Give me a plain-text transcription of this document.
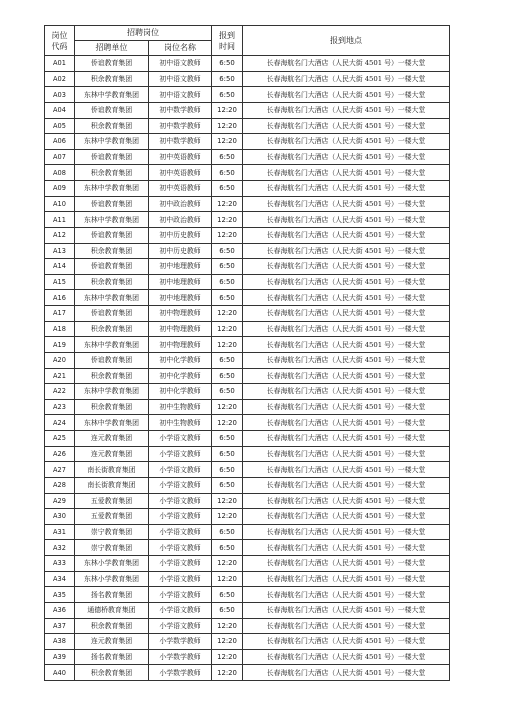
岗位
代码	招聘岗位		报到
时间	报到地点
	招聘单位	岗位名称		
A01	侨谊教育集团	初中语文教师	6:50	长春海航名门大酒店（人民大街 4501 号）一楼大堂
A02	积余教育集团	初中语文教师	6:50	长春海航名门大酒店（人民大街 4501 号）一楼大堂
A03	东林中学教育集团	初中语文教师	6:50	长春海航名门大酒店（人民大街 4501 号）一楼大堂
A04	侨谊教育集团	初中数学教师	12:20	长春海航名门大酒店（人民大街 4501 号）一楼大堂
A05	积余教育集团	初中数学教师	12:20	长春海航名门大酒店（人民大街 4501 号）一楼大堂
A06	东林中学教育集团	初中数学教师	12:20	长春海航名门大酒店（人民大街 4501 号）一楼大堂
A07	侨谊教育集团	初中英语教师	6:50	长春海航名门大酒店（人民大街 4501 号）一楼大堂
A08	积余教育集团	初中英语教师	6:50	长春海航名门大酒店（人民大街 4501 号）一楼大堂
A09	东林中学教育集团	初中英语教师	6:50	长春海航名门大酒店（人民大街 4501 号）一楼大堂
A10	侨谊教育集团	初中政治教师	12:20	长春海航名门大酒店（人民大街 4501 号）一楼大堂
A11	东林中学教育集团	初中政治教师	12:20	长春海航名门大酒店（人民大街 4501 号）一楼大堂
A12	侨谊教育集团	初中历史教师	12:20	长春海航名门大酒店（人民大街 4501 号）一楼大堂
A13	积余教育集团	初中历史教师	6:50	长春海航名门大酒店（人民大街 4501 号）一楼大堂
A14	侨谊教育集团	初中地理教师	6:50	长春海航名门大酒店（人民大街 4501 号）一楼大堂
A15	积余教育集团	初中地理教师	6:50	长春海航名门大酒店（人民大街 4501 号）一楼大堂
A16	东林中学教育集团	初中地理教师	6:50	长春海航名门大酒店（人民大街 4501 号）一楼大堂
A17	侨谊教育集团	初中物理教师	12:20	长春海航名门大酒店（人民大街 4501 号）一楼大堂
A18	积余教育集团	初中物理教师	12:20	长春海航名门大酒店（人民大街 4501 号）一楼大堂
A19	东林中学教育集团	初中物理教师	12:20	长春海航名门大酒店（人民大街 4501 号）一楼大堂
A20	侨谊教育集团	初中化学教师	6:50	长春海航名门大酒店（人民大街 4501 号）一楼大堂
A21	积余教育集团	初中化学教师	6:50	长春海航名门大酒店（人民大街 4501 号）一楼大堂
A22	东林中学教育集团	初中化学教师	6:50	长春海航名门大酒店（人民大街 4501 号）一楼大堂
A23	积余教育集团	初中生物教师	12:20	长春海航名门大酒店（人民大街 4501 号）一楼大堂
A24	东林中学教育集团	初中生物教师	12:20	长春海航名门大酒店（人民大街 4501 号）一楼大堂
A25	连元教育集团	小学语文教师	6:50	长春海航名门大酒店（人民大街 4501 号）一楼大堂
A26	连元教育集团	小学语文教师	6:50	长春海航名门大酒店（人民大街 4501 号）一楼大堂
A27	南长街教育集团	小学语文教师	6:50	长春海航名门大酒店（人民大街 4501 号）一楼大堂
A28	南长街教育集团	小学语文教师	6:50	长春海航名门大酒店（人民大街 4501 号）一楼大堂
A29	五爱教育集团	小学语文教师	12:20	长春海航名门大酒店（人民大街 4501 号）一楼大堂
A30	五爱教育集团	小学语文教师	12:20	长春海航名门大酒店（人民大街 4501 号）一楼大堂
A31	崇宁教育集团	小学语文教师	6:50	长春海航名门大酒店（人民大街 4501 号）一楼大堂
A32	崇宁教育集团	小学语文教师	6:50	长春海航名门大酒店（人民大街 4501 号）一楼大堂
A33	东林小学教育集团	小学语文教师	12:20	长春海航名门大酒店（人民大街 4501 号）一楼大堂
A34	东林小学教育集团	小学语文教师	12:20	长春海航名门大酒店（人民大街 4501 号）一楼大堂
A35	扬名教育集团	小学语文教师	6:50	长春海航名门大酒店（人民大街 4501 号）一楼大堂
A36	通德桥教育集团	小学语文教师	6:50	长春海航名门大酒店（人民大街 4501 号）一楼大堂
A37	积余教育集团	小学语文教师	12:20	长春海航名门大酒店（人民大街 4501 号）一楼大堂
A38	连元教育集团	小学数学教师	12:20	长春海航名门大酒店（人民大街 4501 号）一楼大堂
A39	扬名教育集团	小学数学教师	12:20	长春海航名门大酒店（人民大街 4501 号）一楼大堂
A40	积余教育集团	小学数学教师	12:20	长春海航名门大酒店（人民大街 4501 号）一楼大堂
